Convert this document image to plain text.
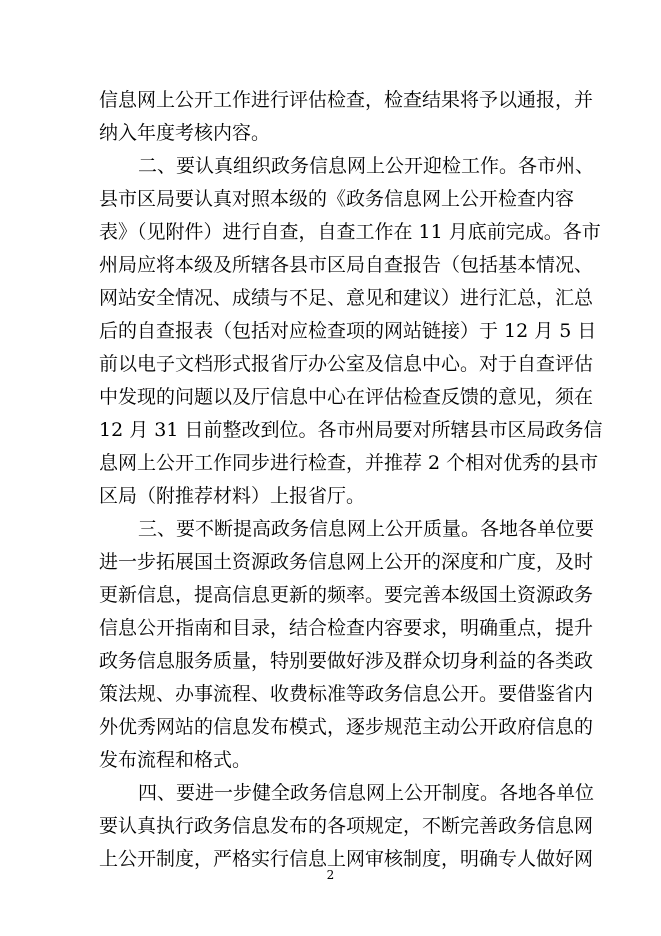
信息网上公开工作进行评估检查，检查结果将予以通报，并
纳入年度考核内容。
二、要认真组织政务信息网上公开迎检工作。各市州、
县市区局要认真对照本级的《政务信息网上公开检查内容
表》（见附件）进行自查，自查工作在 11 月底前完成。各市
州局应将本级及所辖各县市区局自查报告（包括基本情况、
网站安全情况、成绩与不足、意见和建议）进行汇总，汇总
后的自查报表（包括对应检查项的网站链接）于 12 月 5 日
前以电子文档形式报省厅办公室及信息中心。对于自查评估
中发现的问题以及厅信息中心在评估检查反馈的意见，须在
12 月 31 日前整改到位。各市州局要对所辖县市区局政务信
息网上公开工作同步进行检查，并推荐 2 个相对优秀的县市
区局（附推荐材料）上报省厅。
三、要不断提高政务信息网上公开质量。各地各单位要
进一步拓展国土资源政务信息网上公开的深度和广度，及时
更新信息，提高信息更新的频率。要完善本级国土资源政务
信息公开指南和目录，结合检查内容要求，明确重点，提升
政务信息服务质量，特别要做好涉及群众切身利益的各类政
策法规、办事流程、收费标准等政务信息公开。要借鉴省内
外优秀网站的信息发布模式，逐步规范主动公开政府信息的
发布流程和格式。
四、要进一步健全政务信息网上公开制度。各地各单位
要认真执行政务信息发布的各项规定，不断完善政务信息网
上公开制度，严格实行信息上网审核制度，明确专人做好网
2
